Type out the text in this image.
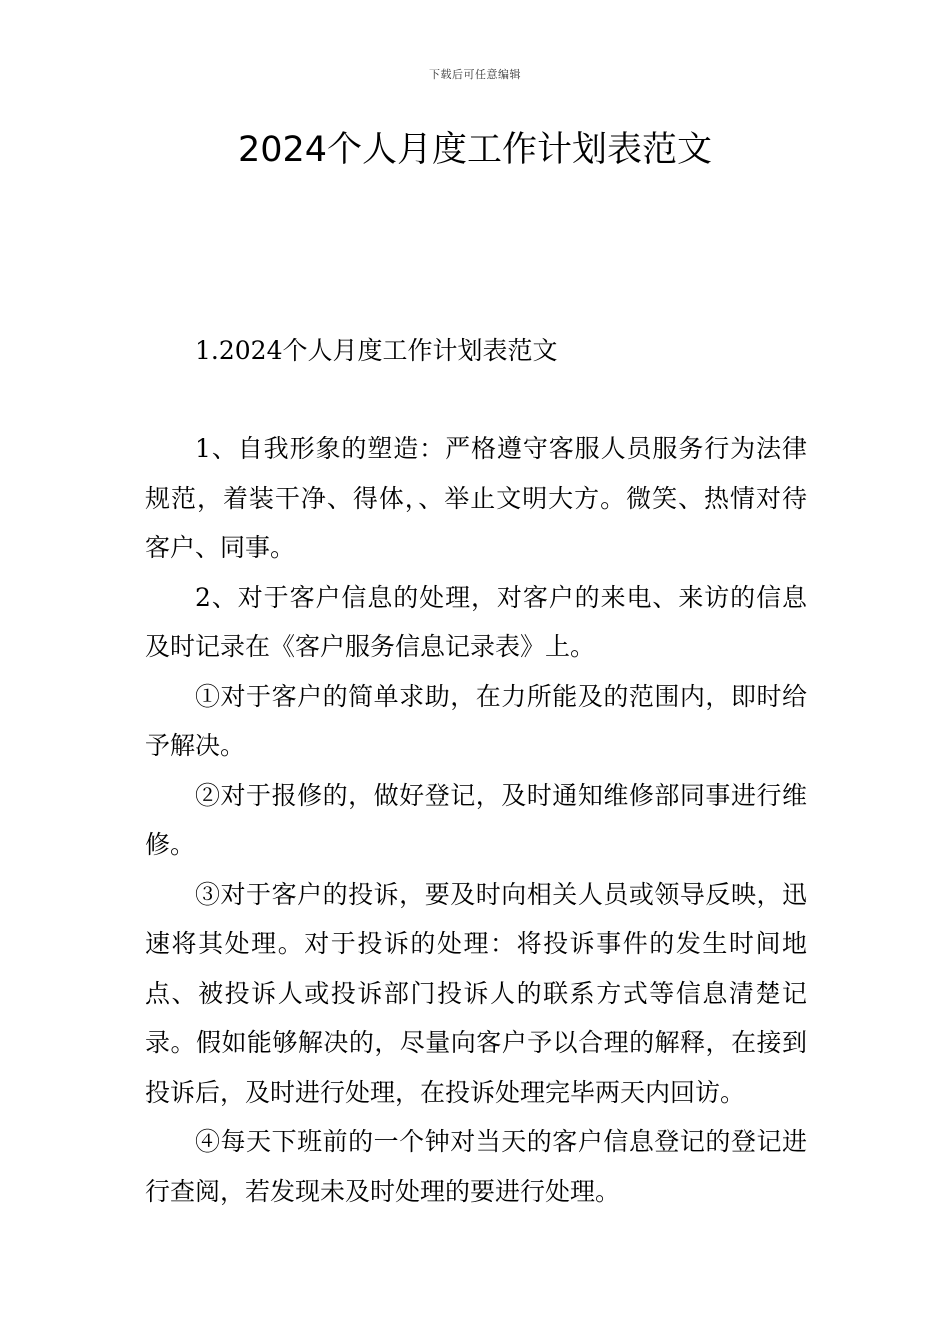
下载后可任意编辑
2024个人月度工作计划表范文

1.2024个人月度工作计划表范文

1、自我形象的塑造：严格遵守客服人员服务行为法律规范，着装干净、得体，、举止文明大方。微笑、热情对待客户、同事。

2、对于客户信息的处理，对客户的来电、来访的信息及时记录在《客户服务信息记录表》上。

①对于客户的简单求助，在力所能及的范围内，即时给予解决。

②对于报修的，做好登记，及时通知维修部同事进行维修。

③对于客户的投诉，要及时向相关人员或领导反映，迅速将其处理。对于投诉的处理：将投诉事件的发生时间地点、被投诉人或投诉部门投诉人的联系方式等信息清楚记录。假如能够解决的，尽量向客户予以合理的解释，在接到投诉后，及时进行处理，在投诉处理完毕两天内回访。

④每天下班前的一个钟对当天的客户信息登记的登记进行查阅，若发现未及时处理的要进行处理。
